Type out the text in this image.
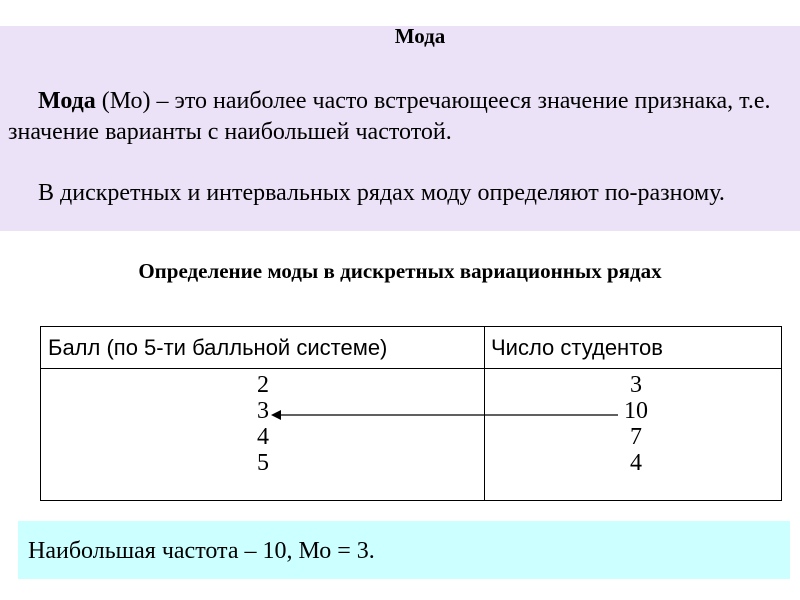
Мода

Мода (Мо) – это наиболее часто встречающееся значение признака, т.е. значение варианты с наибольшей частотой.

В дискретных и интервальных рядах моду определяют по-разному.

Определение моды в дискретных вариационных рядах
Балл (по 5-ти балльной системе)	Число студентов
2
3
4
5
3
10
7
4
Наибольшая частота – 10, Мо = 3.
